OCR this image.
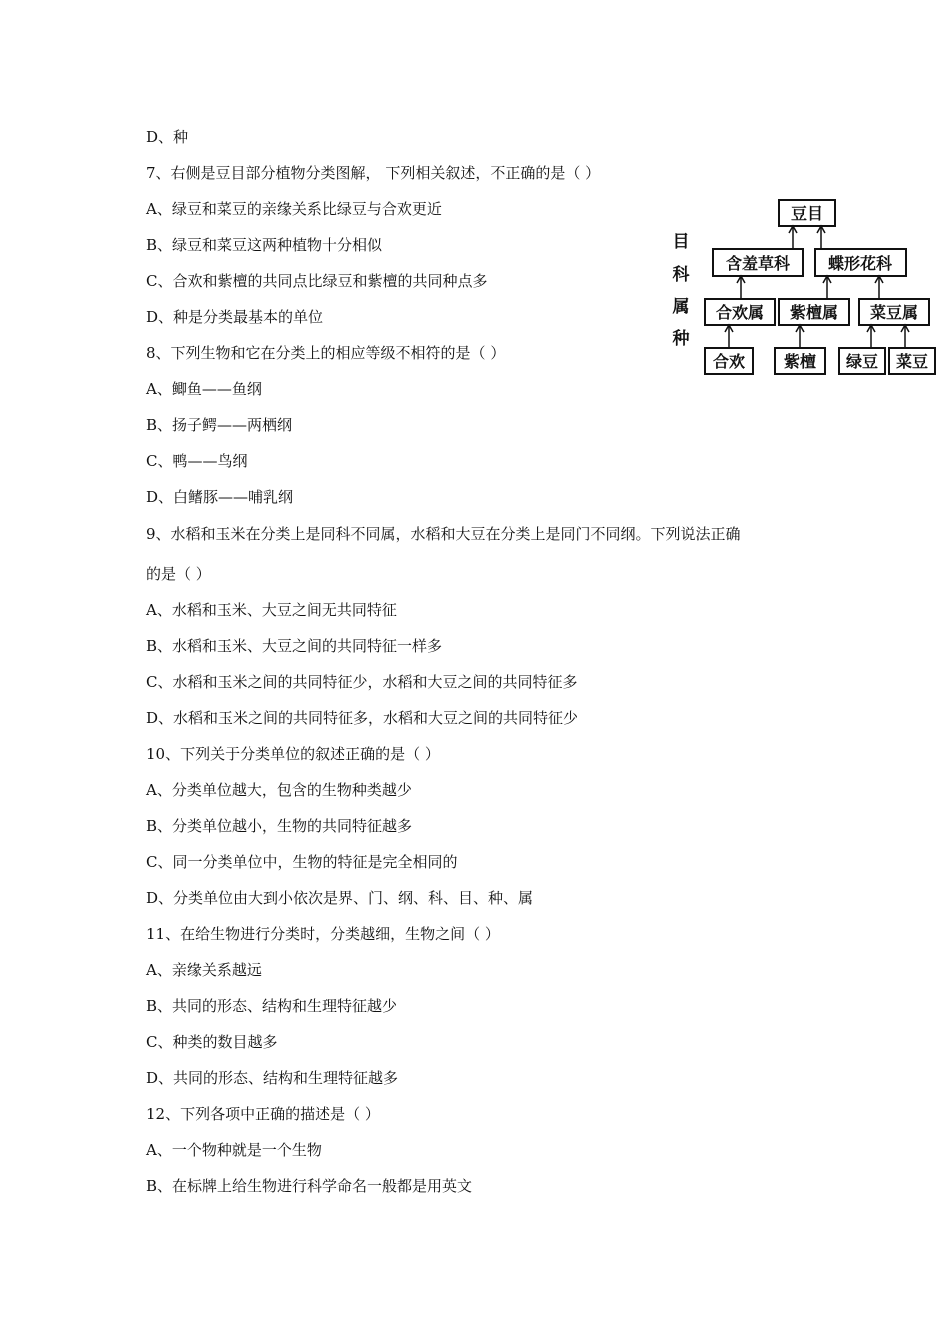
D、种
7、右侧是豆目部分植物分类图解， 下列相关叙述，不正确的是（ ）
A、绿豆和菜豆的亲缘关系比绿豆与合欢更近
B、绿豆和菜豆这两种植物十分相似
C、合欢和紫檀的共同点比绿豆和紫檀的共同种点多
D、种是分类最基本的单位
8、下列生物和它在分类上的相应等级不相符的是（ ）
A、鲫鱼——鱼纲
B、扬子鳄——两栖纲
C、鸭——鸟纲
D、白鳍豚——哺乳纲
9、水稻和玉米在分类上是同科不同属，水稻和大豆在分类上是同门不同纲。下列说法正确
的是（ ）
A、水稻和玉米、大豆之间无共同特征
B、水稻和玉米、大豆之间的共同特征一样多
C、水稻和玉米之间的共同特征少，水稻和大豆之间的共同特征多
D、水稻和玉米之间的共同特征多，水稻和大豆之间的共同特征少
10、下列关于分类单位的叙述正确的是（ ）
A、分类单位越大，包含的生物种类越少
B、分类单位越小，生物的共同特征越多
C、同一分类单位中，生物的特征是完全相同的
D、分类单位由大到小依次是界、门、纲、科、目、种、属
11、在给生物进行分类时，分类越细，生物之间（ ）
A、亲缘关系越远
B、共同的形态、结构和生理特征越少
C、种类的数目越多
D、共同的形态、结构和生理特征越多
12、下列各项中正确的描述是（ ）
A、一个物种就是一个生物
B、在标牌上给生物进行科学命名一般都是用英文
目
科
属
种
豆目
含羞草科 蝶形花科
合欢属 紫檀属 菜豆属
合欢 紫檀 绿豆 菜豆
